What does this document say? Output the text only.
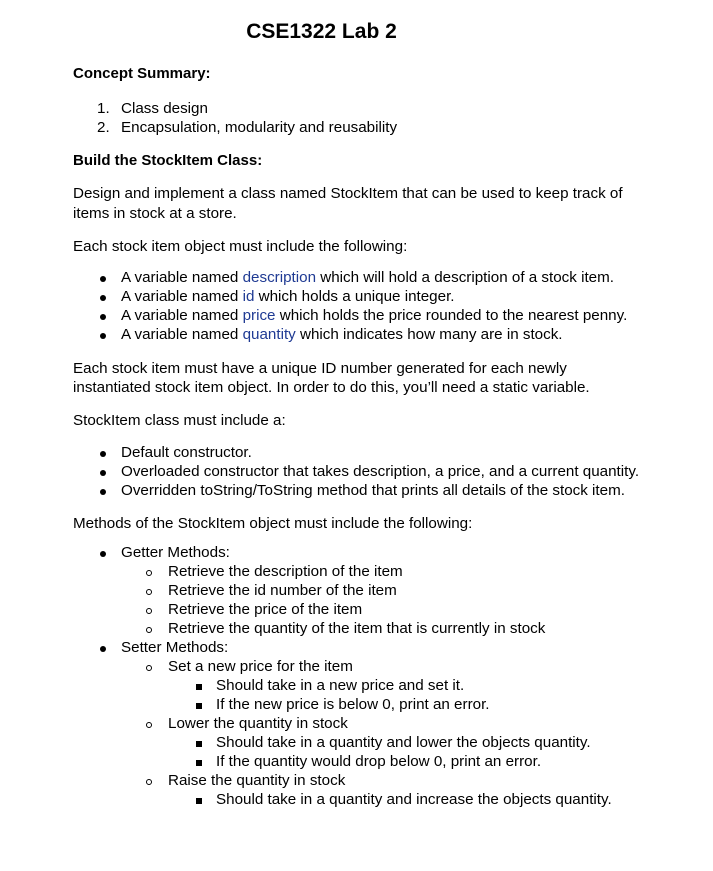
CSE1322 Lab 2
Concept Summary:
1. Class design
2. Encapsulation, modularity and reusability
Build the StockItem Class:
Design and implement a class named StockItem that can be used to keep track of
items in stock at a store.
Each stock item object must include the following:
A variable named description which will hold a description of a stock item.
A variable named id which holds a unique integer.
A variable named price which holds the price rounded to the nearest penny.
A variable named quantity which indicates how many are in stock.
Each stock item must have a unique ID number generated for each newly
instantiated stock item object. In order to do this, you’ll need a static variable.
StockItem class must include a:
Default constructor.
Overloaded constructor that takes description, a price, and a current quantity.
Overridden toString/ToString method that prints all details of the stock item.
Methods of the StockItem object must include the following:
Getter Methods:
Retrieve the description of the item
Retrieve the id number of the item
Retrieve the price of the item
Retrieve the quantity of the item that is currently in stock
Setter Methods:
Set a new price for the item
Should take in a new price and set it.
If the new price is below 0, print an error.
Lower the quantity in stock
Should take in a quantity and lower the objects quantity.
If the quantity would drop below 0, print an error.
Raise the quantity in stock
Should take in a quantity and increase the objects quantity.
